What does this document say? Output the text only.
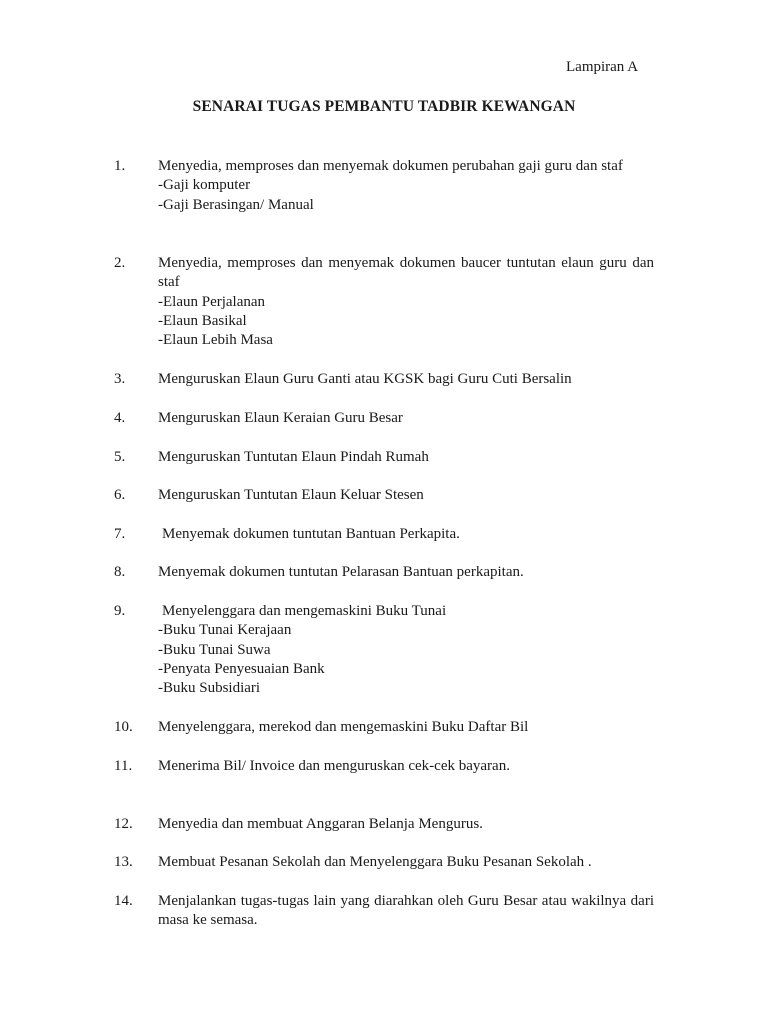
Lampiran A
SENARAI TUGAS PEMBANTU TADBIR KEWANGAN
1. Menyedia, memproses dan menyemak dokumen perubahan gaji guru dan staf
-Gaji komputer
-Gaji Berasingan/ Manual
2. Menyedia, memproses dan menyemak dokumen baucer tuntutan elaun guru dan staf
-Elaun Perjalanan
-Elaun Basikal
-Elaun Lebih Masa
3. Menguruskan Elaun Guru Ganti atau KGSK bagi Guru Cuti Bersalin
4. Menguruskan Elaun Keraian Guru Besar
5. Menguruskan Tuntutan Elaun Pindah Rumah
6. Menguruskan Tuntutan Elaun Keluar Stesen
7. Menyemak dokumen tuntutan Bantuan Perkapita.
8. Menyemak dokumen tuntutan Pelarasan Bantuan perkapitan.
9. Menyelenggara dan mengemaskini Buku Tunai
-Buku Tunai Kerajaan
-Buku Tunai Suwa
-Penyata Penyesuaian Bank
-Buku Subsidiari
10. Menyelenggara, merekod dan mengemaskini Buku Daftar Bil
11. Menerima Bil/ Invoice dan menguruskan cek-cek bayaran.
12. Menyedia dan membuat Anggaran Belanja Mengurus.
13. Membuat Pesanan Sekolah dan Menyelenggara Buku Pesanan Sekolah .
14. Menjalankan tugas-tugas lain yang diarahkan oleh Guru Besar atau wakilnya dari masa ke semasa.
